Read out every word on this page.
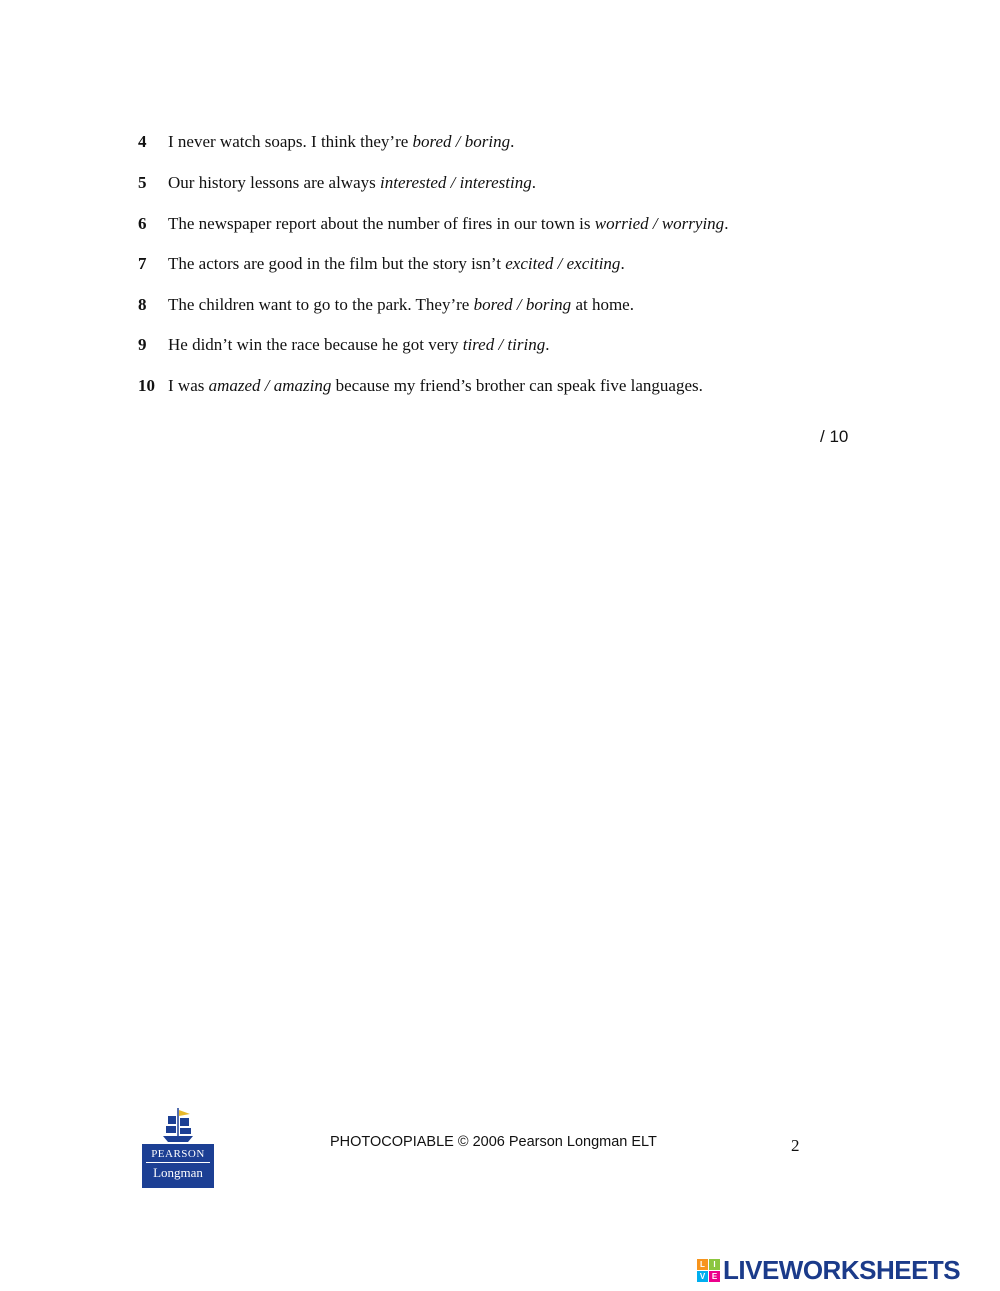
4 I never watch soaps. I think they’re bored / boring.
5 Our history lessons are always interested / interesting.
6 The newspaper report about the number of fires in our town is worried / worrying.
7 The actors are good in the film but the story isn’t excited / exciting.
8 The children want to go to the park. They’re bored / boring at home.
9 He didn’t win the race because he got very tired / tiring.
10 I was amazed / amazing because my friend’s brother can speak five languages.
/ 10
PEARSON
Longman
PHOTOCOPIABLE © 2006 Pearson Longman ELT	2
L	I
V E LIVEWORKSHEETS
